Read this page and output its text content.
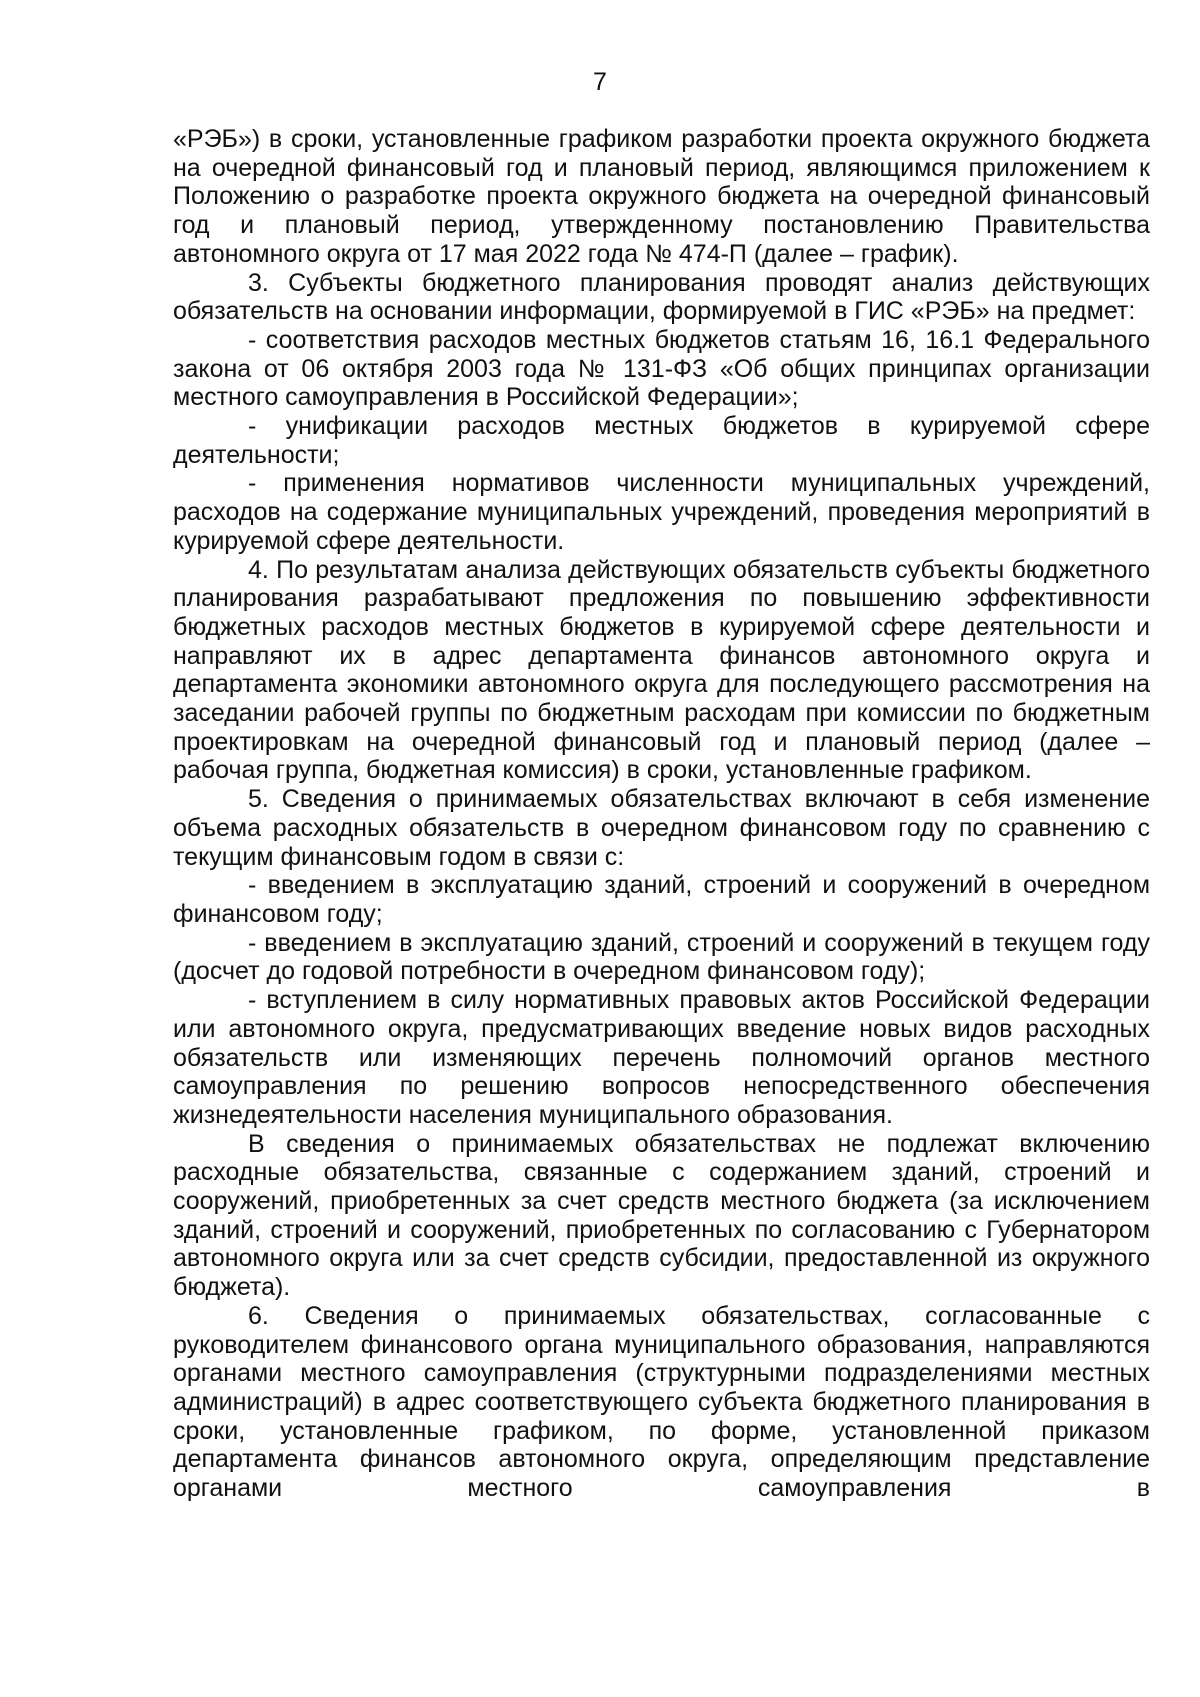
7

«РЭБ») в сроки, установленные графиком разработки проекта окружного бюджета на очередной финансовый год и плановый период, являющимся приложением к Положению о разработке проекта окружного бюджета на очередной финансовый год и плановый период, утвержденному постановлению Правительства автономного округа от 17 мая 2022 года № 474-П (далее – график).

3. Субъекты бюджетного планирования проводят анализ действующих обязательств на основании информации, формируемой в ГИС «РЭБ» на предмет:

- соответствия расходов местных бюджетов статьям 16, 16.1 Федерального закона от 06 октября 2003 года № 131-ФЗ «Об общих принципах организации местного самоуправления в Российской Федерации»;

- унификации расходов местных бюджетов в курируемой сфере деятельности;

- применения нормативов численности муниципальных учреждений, расходов на содержание муниципальных учреждений, проведения мероприятий в курируемой сфере деятельности.

4. По результатам анализа действующих обязательств субъекты бюджетного планирования разрабатывают предложения по повышению эффективности бюджетных расходов местных бюджетов в курируемой сфере деятельности и направляют их в адрес департамента финансов автономного округа и департамента экономики автономного округа для последующего рассмотрения на заседании рабочей группы по бюджетным расходам при комиссии по бюджетным проектировкам на очередной финансовый год и плановый период (далее – рабочая группа, бюджетная комиссия) в сроки, установленные графиком.

5. Сведения о принимаемых обязательствах включают в себя изменение объема расходных обязательств в очередном финансовом году по сравнению с текущим финансовым годом в связи с:

- введением в эксплуатацию зданий, строений и сооружений в очередном финансовом году;

- введением в эксплуатацию зданий, строений и сооружений в текущем году (досчет до годовой потребности в очередном финансовом году);

- вступлением в силу нормативных правовых актов Российской Федерации или автономного округа, предусматривающих введение новых видов расходных обязательств или изменяющих перечень полномочий органов местного самоуправления по решению вопросов непосредственного обеспечения жизнедеятельности населения муниципального образования.

В сведения о принимаемых обязательствах не подлежат включению расходные обязательства, связанные с содержанием зданий, строений и сооружений, приобретенных за счет средств местного бюджета (за исключением зданий, строений и сооружений, приобретенных по согласованию с Губернатором автономного округа или за счет средств субсидии, предоставленной из окружного бюджета).

6. Сведения о принимаемых обязательствах, согласованные с руководителем финансового органа муниципального образования, направляются органами местного самоуправления (структурными подразделениями местных администраций) в адрес соответствующего субъекта бюджетного планирования в сроки, установленные графиком, по форме, установленной приказом департамента финансов автономного округа, определяющим представление органами местного самоуправления в
